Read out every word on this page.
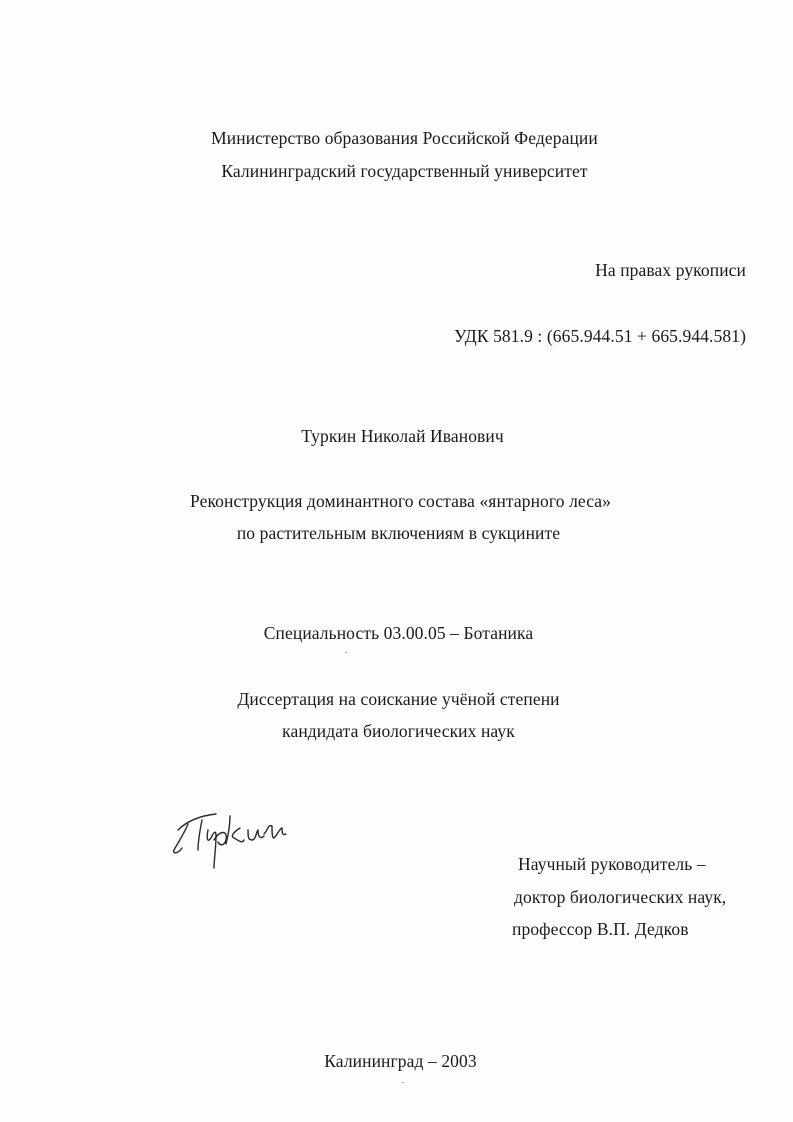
Министерство образования Российской Федерации
Калининградский государственный университет
На правах рукописи
УДК 581.9 : (665.944.51 + 665.944.581)
Туркин Николай Иванович
Реконструкция доминантного состава «янтарного леса»
по растительным включениям в сукцините
Специальность 03.00.05 – Ботаника
Диссертация на соискание учёной степени
кандидата биологических наук
Научный руководитель –
доктор биологических наук,
профессор В.П. Дедков
Калининград – 2003
